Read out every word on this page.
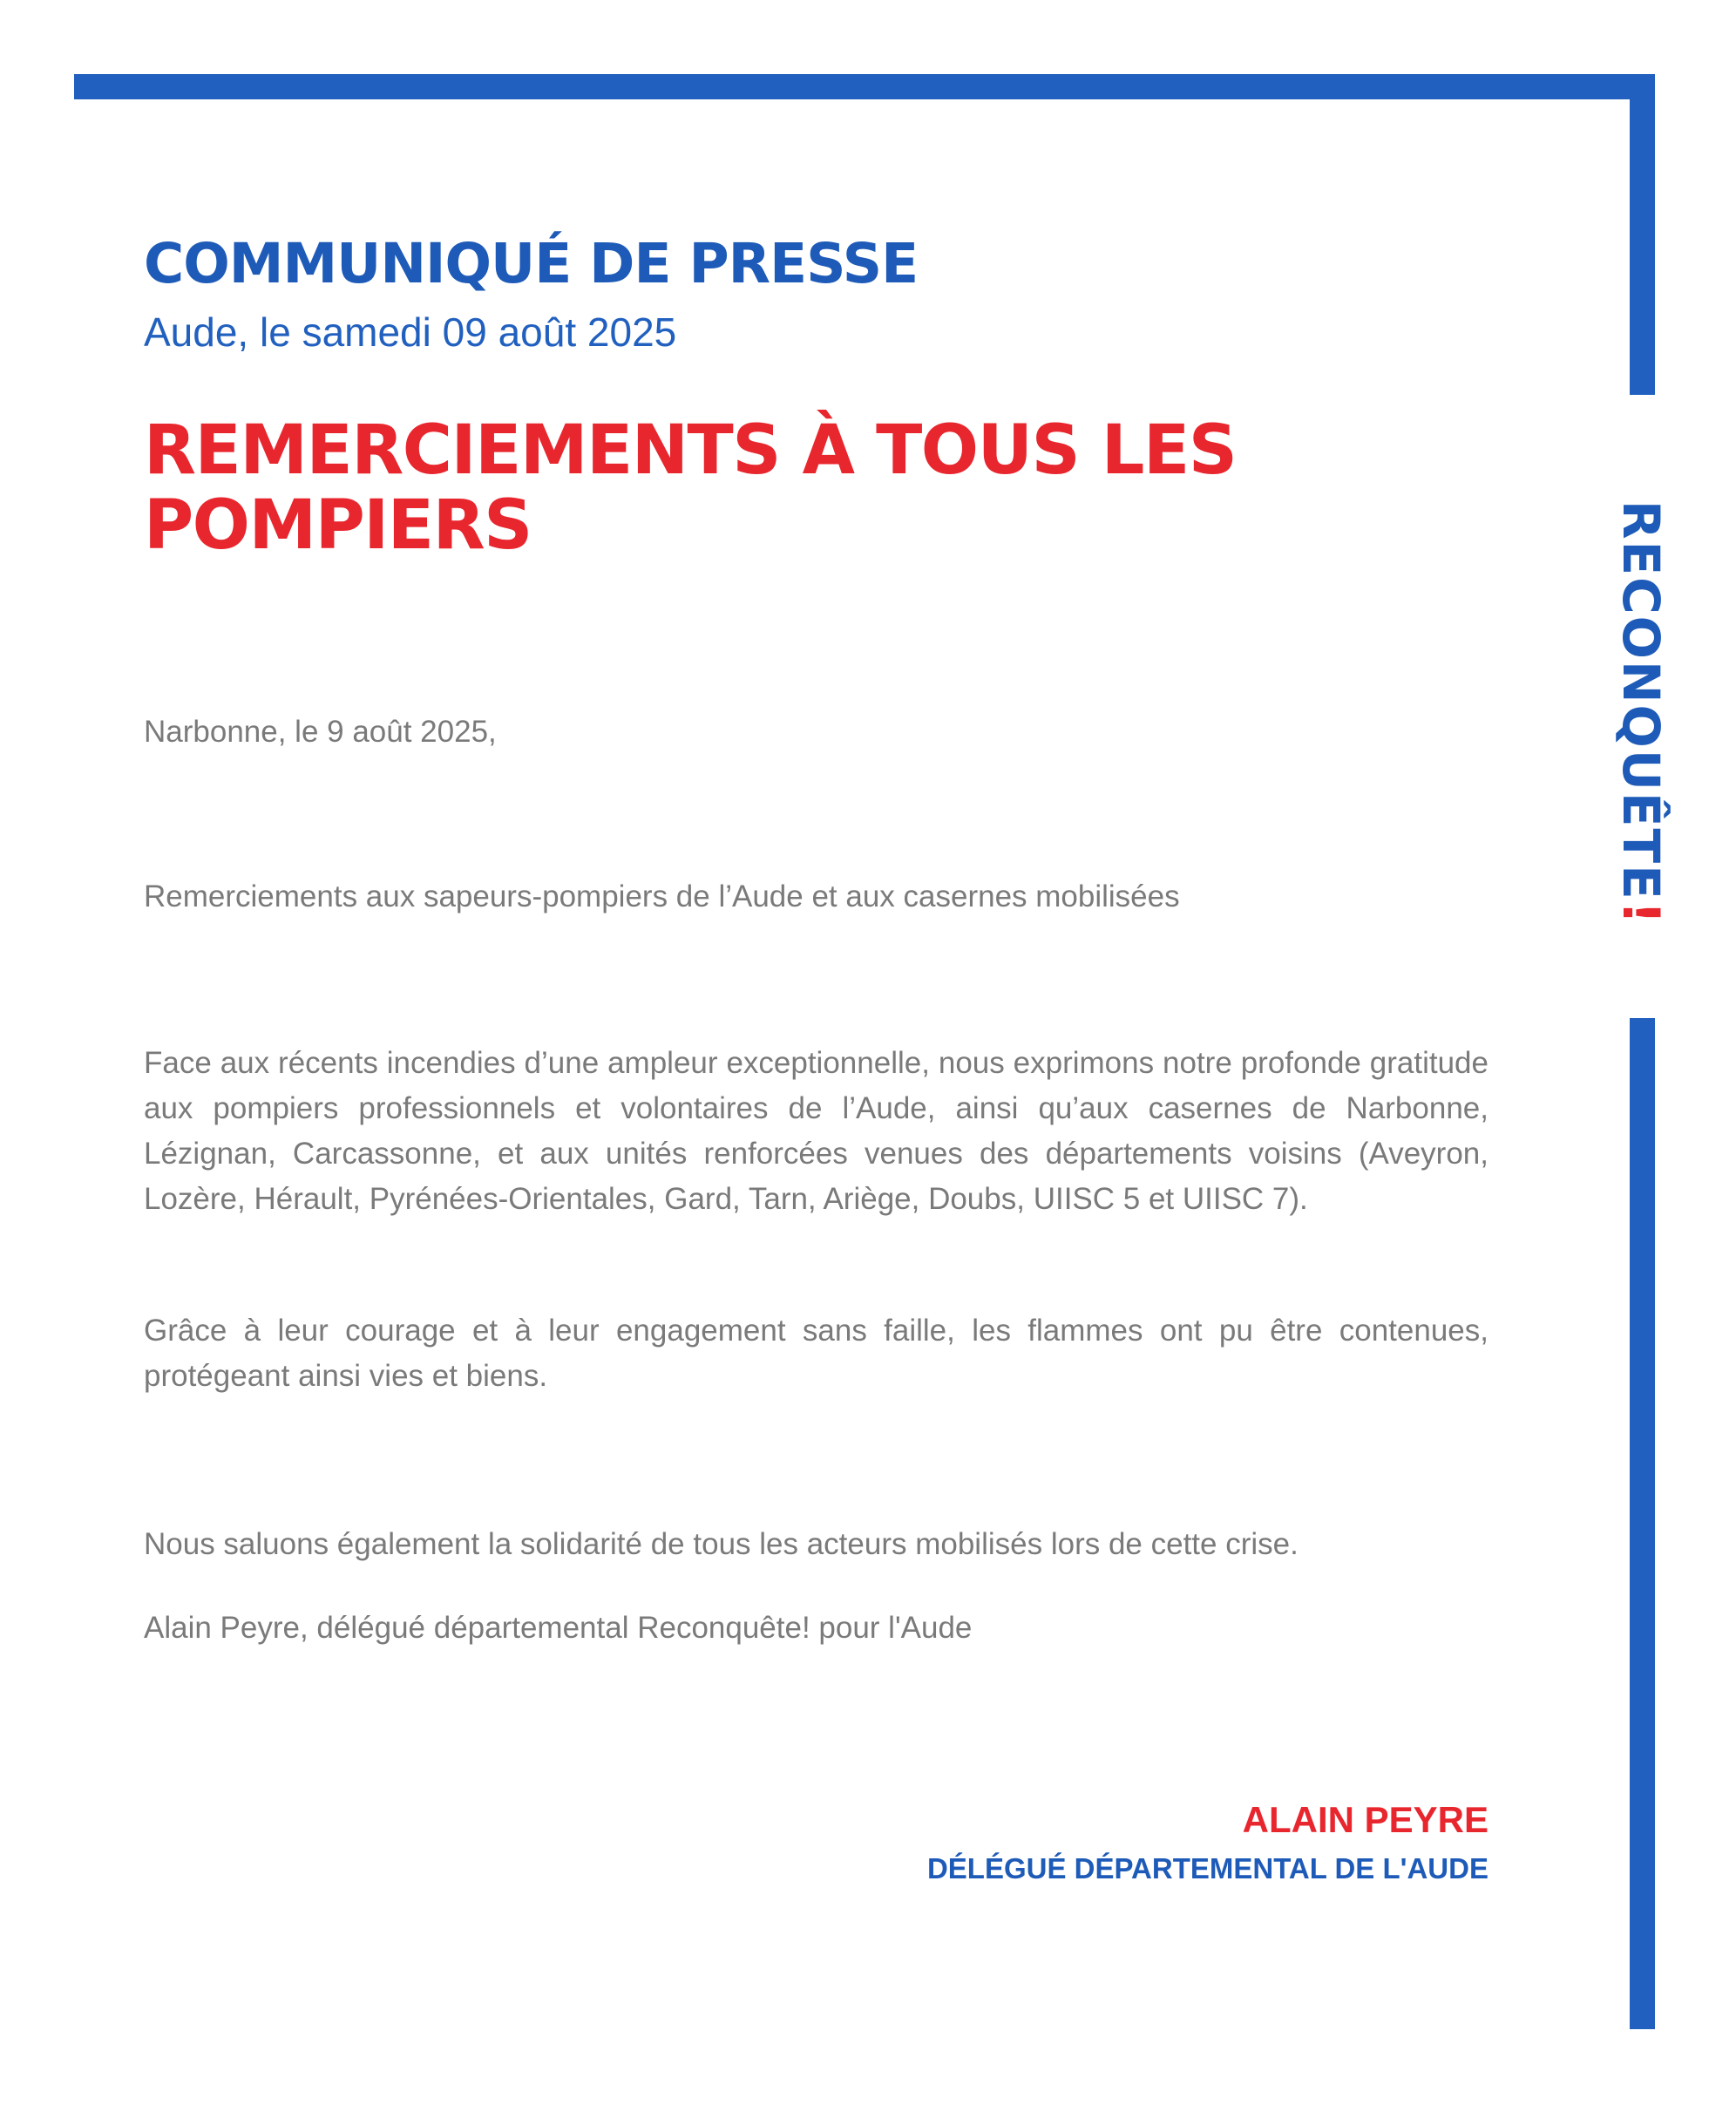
RECONQUÊTE!
COMMUNIQUÉ DE PRESSE
Aude, le samedi 09 août 2025
REMERCIEMENTS À TOUS LES
POMPIERS
Narbonne, le 9 août 2025,
Remerciements aux sapeurs-pompiers de l’Aude et aux casernes mobilisées
Face aux récents incendies d’une ampleur exceptionnelle, nous exprimons notre profonde gratitude aux pompiers professionnels et volontaires de l’Aude, ainsi qu’aux casernes de Narbonne, Lézignan, Carcassonne, et aux unités renforcées venues des départements voisins (Aveyron, Lozère, Hérault, Pyrénées-Orientales, Gard, Tarn, Ariège, Doubs, UIISC 5 et UIISC 7).
Grâce à leur courage et à leur engagement sans faille, les flammes ont pu être contenues, protégeant ainsi vies et biens.
Nous saluons également la solidarité de tous les acteurs mobilisés lors de cette crise.
Alain Peyre, délégué départemental Reconquête! pour l'Aude
ALAIN PEYRE
DÉLÉGUÉ DÉPARTEMENTAL DE L'AUDE
